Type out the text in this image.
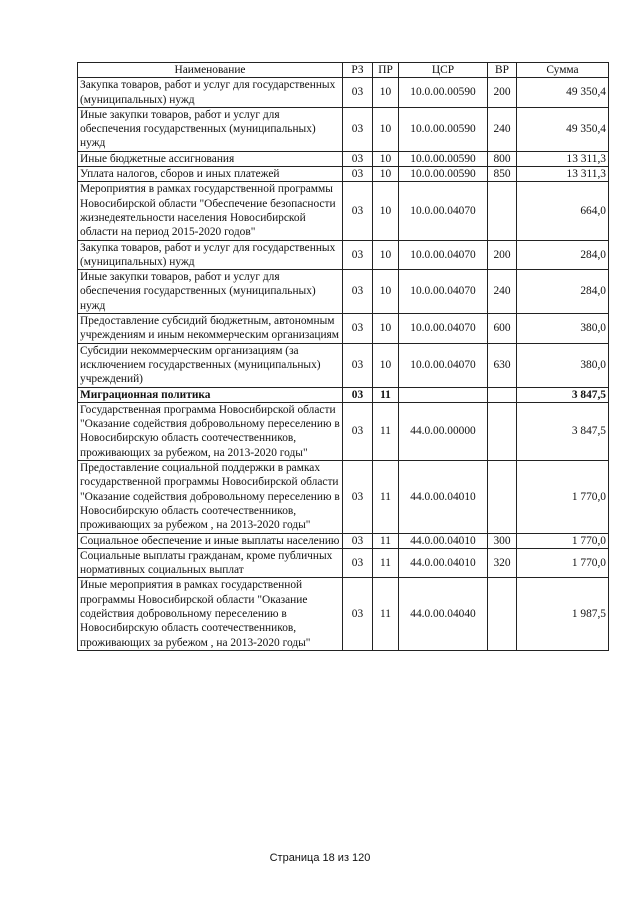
Наименование	РЗ	ПР	ЦСР	ВР	Сумма
Закупка товаров, работ и услуг для государственных (муниципальных) нужд	03	10	10.0.00.00590	200	49 350,4
Иные закупки товаров, работ и услуг для обеспечения государственных (муниципальных) нужд	03	10	10.0.00.00590	240	49 350,4
Иные бюджетные ассигнования	03	10	10.0.00.00590	800	13 311,3
Уплата налогов, сборов и иных платежей	03	10	10.0.00.00590	850	13 311,3
Мероприятия в рамках государственной программы Новосибирской области "Обеспечение безопасности жизнедеятельности населения Новосибирской области на период 2015-2020 годов"	03	10	10.0.00.04070		664,0
Закупка товаров, работ и услуг для государственных (муниципальных) нужд	03	10	10.0.00.04070	200	284,0
Иные закупки товаров, работ и услуг для обеспечения государственных (муниципальных) нужд	03	10	10.0.00.04070	240	284,0
Предоставление субсидий бюджетным, автономным учреждениям и иным некоммерческим организациям	03	10	10.0.00.04070	600	380,0
Субсидии некоммерческим организациям (за исключением государственных (муниципальных) учреждений)	03	10	10.0.00.04070	630	380,0
Миграционная политика	03	11			3 847,5
Государственная программа Новосибирской области "Оказание содействия добровольному переселению в Новосибирскую область соотечественников, проживающих за рубежом, на 2013-2020 годы"	03	11	44.0.00.00000		3 847,5
Предоставление социальной поддержки в рамках государственной программы Новосибирской области "Оказание содействия добровольному переселению в Новосибирскую область соотечественников, проживающих за рубежом , на 2013-2020 годы"	03	11	44.0.00.04010		1 770,0
Социальное обеспечение и иные выплаты населению	03	11	44.0.00.04010	300	1 770,0
Социальные выплаты гражданам, кроме публичных нормативных социальных выплат	03	11	44.0.00.04010	320	1 770,0
Иные мероприятия в рамках государственной программы Новосибирской области "Оказание содействия добровольному переселению в Новосибирскую область соотечественников, проживающих за рубежом , на 2013-2020 годы"	03	11	44.0.00.04040		1 987,5
Страница 18 из 120
